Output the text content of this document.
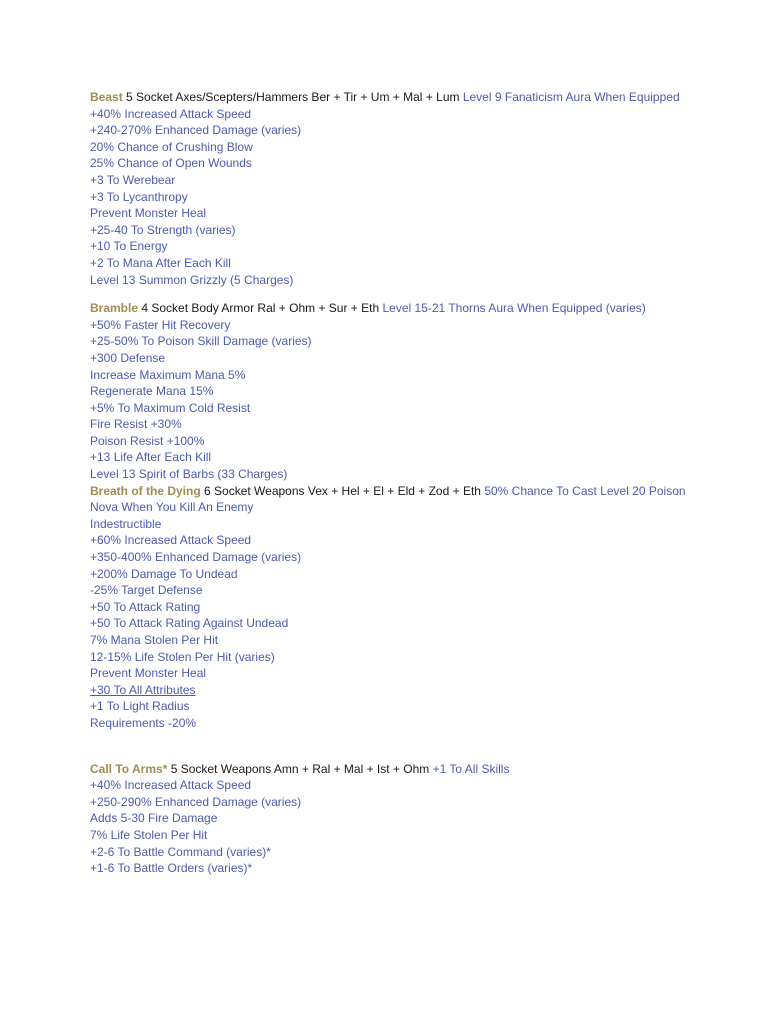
Beast 5 Socket Axes/Scepters/Hammers Ber + Tir + Um + Mal + Lum Level 9 Fanaticism Aura When Equipped
+40% Increased Attack Speed
+240-270% Enhanced Damage (varies)
20% Chance of Crushing Blow
25% Chance of Open Wounds
+3 To Werebear
+3 To Lycanthropy
Prevent Monster Heal
+25-40 To Strength (varies)
+10 To Energy
+2 To Mana After Each Kill
Level 13 Summon Grizzly (5 Charges)
Bramble 4 Socket Body Armor Ral + Ohm + Sur + Eth Level 15-21 Thorns Aura When Equipped (varies)
+50% Faster Hit Recovery
+25-50% To Poison Skill Damage (varies)
+300 Defense
Increase Maximum Mana 5%
Regenerate Mana 15%
+5% To Maximum Cold Resist
Fire Resist +30%
Poison Resist +100%
+13 Life After Each Kill
Level 13 Spirit of Barbs (33 Charges)
Breath of the Dying 6 Socket Weapons Vex + Hel + El + Eld + Zod + Eth 50% Chance To Cast Level 20 Poison Nova When You Kill An Enemy
Indestructible
+60% Increased Attack Speed
+350-400% Enhanced Damage (varies)
+200% Damage To Undead
-25% Target Defense
+50 To Attack Rating
+50 To Attack Rating Against Undead
7% Mana Stolen Per Hit
12-15% Life Stolen Per Hit (varies)
Prevent Monster Heal
+30 To All Attributes
+1 To Light Radius
Requirements -20%
Call To Arms* 5 Socket Weapons Amn + Ral + Mal + Ist + Ohm +1 To All Skills
+40% Increased Attack Speed
+250-290% Enhanced Damage (varies)
Adds 5-30 Fire Damage
7% Life Stolen Per Hit
+2-6 To Battle Command (varies)*
+1-6 To Battle Orders (varies)*
